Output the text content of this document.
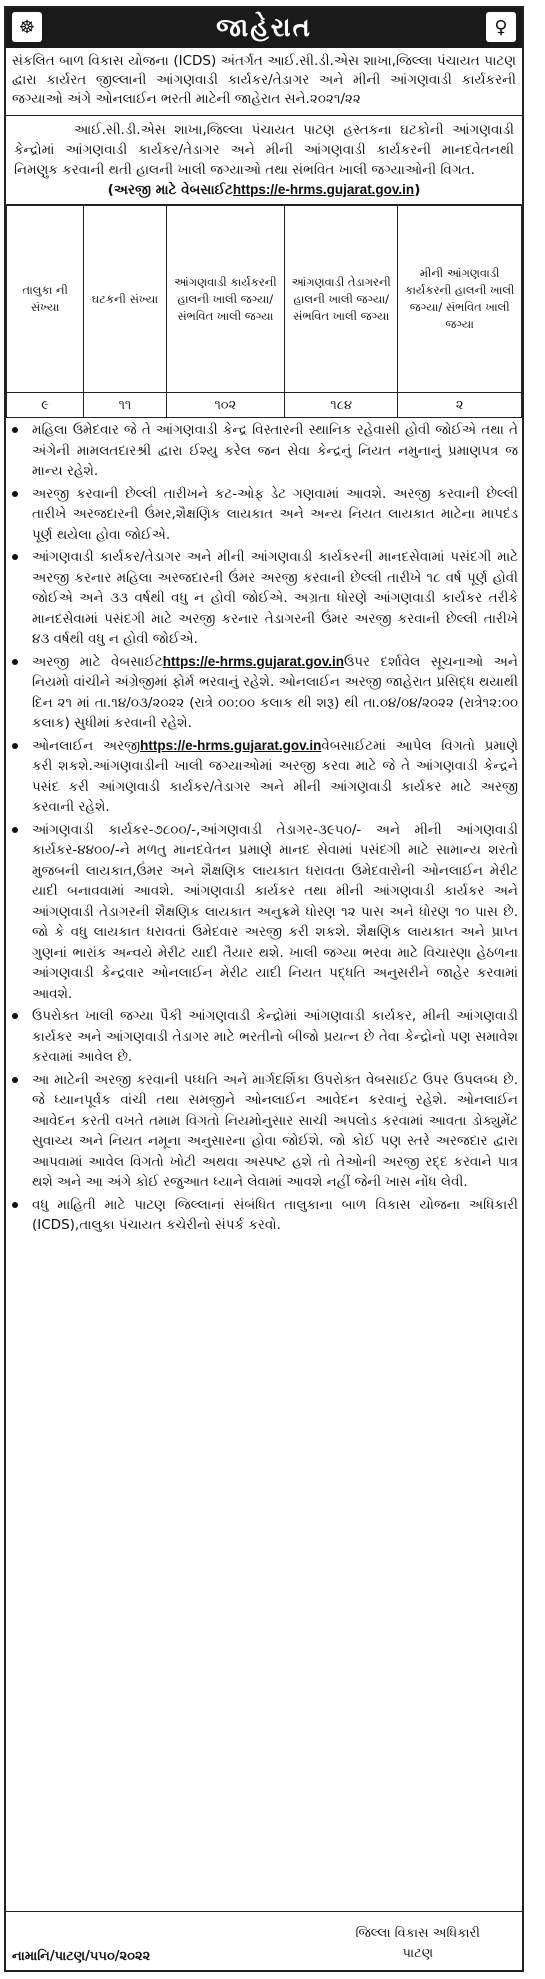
☸	જાહેરાત	♀
સંકલિત બાળ વિકાસ યોજના (ICDS) અંતર્ગત આઈ.સી.ડી.એસ શાખા,જિલ્લા પંચાયત પાટણ દ્વારા કાર્યરત જીલ્લાની આંગણવાડી કાર્યકર/તેડાગર અને મીની આંગણવાડી કાર્યકરની જગ્યાઓ અંગે ઓનલાઈન ભરતી માટેની જાહેરાત સને.૨૦૨૧/૨૨
આઈ.સી.ડી.એસ શાખા,જિલ્લા પંચાયત પાટણ હસ્તકના ઘટકોની આંગણવાડી કેન્દ્રોમાં આંગણવાડી કાર્યકર/તેડાગર અને મીની આંગણવાડી કાર્યકરની માનદવેતનથી નિમણુક કરવાની થતી હાલની ખાલી જગ્યાઓ તથા સંભવિત ખાલી જગ્યાઓની વિગત.
(અરજી માટે વેબસાઈટhttps://e-hrms.gujarat.gov.in)
તાલુકા ની સંખ્યા	ઘટકની સંખ્યા	આંગણવાડી કાર્યકરની હાલની ખાલી જગ્યા/ સંભવિત ખાલી જગ્યા	આંગણવાડી તેડાગરની હાલની ખાલી જગ્યા/ સંભવિત ખાલી જગ્યા	મીની આંગણવાડી કાર્યકરની હાલની ખાલી જગ્યા/ સંભવિત ખાલી જગ્યા
૯	૧૧	૧૦૨	૧૮૪	૨
મહિલા ઉમેદવાર જે તે આંગણવાડી કેન્દ્ર વિસ્તારની સ્થાનિક રહેવાસી હોવી જોઈએ તથા તે અંગેની મામલતદારશ્રી દ્વારા ઈશ્યુ કરેલ જન સેવા કેન્દ્રનું નિયત નમુનાનું પ્રમાણપત્ર જ માન્ય રહેશે.
અરજી કરવાની છેલ્લી તારીખને કટ-ઓફ ડેટ ગણવામાં આવશે. અરજી કરવાની છેલ્લી તારીખે અરજદારની ઉંમર,શૈક્ષણિક લાયકાત અને અન્ય નિયત લાયકાત માટેના માપદંડ પૂર્ણ થયેલા હોવા જોઈએ.
આંગણવાડી કાર્યકર/તેડાગર અને મીની આંગણવાડી કાર્યકરની માનદસેવામાં પસંદગી માટે અરજી કરનાર મહિલા અરજદારની ઉંમર અરજી કરવાની છેલ્લી તારીખે ૧૮ વર્ષ પૂર્ણ હોવી જોઈએ અને ૩૩ વર્ષથી વધુ ન હોવી જોઈએ. અગ્રતા ધોરણે આંગણવાડી કાર્યકર તરીકે માનદસેવામાં પસંદગી માટે અરજી કરનાર તેડાગરની ઉંમર અરજી કરવાની છેલ્લી તારીખે ૪૩ વર્ષથી વધુ ન હોવી જોઈએ.
અરજી માટે વેબસાઈટhttps://e-hrms.gujarat.gov.inઉપર દર્શાવેલ સૂચનાઓ અને નિયમો વાંચીને અંગ્રેજીમાં ફોર્મ ભરવાનું રહેશે. ઓનલાઈન અરજી જાહેરાત પ્રસિદ્ધ થયાથી દિન ૨૧ માં તા.૧૪/૦૩/૨૦૨૨ (રાત્રે ૦૦:૦૦ કલાક થી શરૂ) થી તા.૦૪/૦૪/૨૦૨૨ (રાત્રે૧૨:૦૦ કલાક) સુધીમાં કરવાની રહેશે.
ઓનલાઈન અરજીhttps://e-hrms.gujarat.gov.inવેબસાઈટમાં આપેલ વિગતો પ્રમાણે કરી શકશે.આંગણવાડીની ખાલી જગ્યાઓમાં અરજી કરવા માટે જે તે આંગણવાડી કેન્દ્રને પસંદ કરી આંગણવાડી કાર્યકર/તેડાગર અને મીની આંગણવાડી કાર્યકર માટે અરજી કરવાની રહેશે.
આંગણવાડી કાર્યકર-૭૮૦૦/-,આંગણવાડી તેડાગર-૩૯૫૦/- અને મીની આંગણવાડી કાર્યકર-૪૪૦૦/-ને મળતુ માનદવેતન પ્રમાણે માનદ સેવામાં પસંદગી માટે સામાન્ય શરતો મુજબની લાયકાત,ઉંમર અને શૈક્ષણિક લાયકાત ધરાવતા ઉમેદવારોની ઓનલાઈન મેરીટ યાદી બનાવવામાં આવશે. આંગણવાડી કાર્યકર તથા મીની આંગણવાડી કાર્યકર અને આંગણવાડી તેડાગરની શૈક્ષણિક લાયકાત અનુક્રમે ધોરણ ૧૨ પાસ અને ધોરણ ૧૦ પાસ છે. જો કે વધુ લાયકાત ધરાવતાં ઉમેદવાર અરજી કરી શકશે. શૈક્ષણિક લાયકાત અને પ્રાપ્ત ગુણનાં ભારાંક અન્વયે મેરીટ યાદી તૈયાર થશે. ખાલી જગ્યા ભરવા માટે વિચારણા હેઠળના આંગણવાડી કેન્દ્રવાર ઓનલાઈન મેરીટ યાદી નિયત પદ્ધતિ અનુસરીને જાહેર કરવામાં આવશે.
ઉપરોક્ત ખાલી જગ્યા પૈકી આંગણવાડી કેન્દ્રોમાં આંગણવાડી કાર્યકર, મીની આંગણવાડી કાર્યકર અને આંગણવાડી તેડાગર માટે ભરતીનો બીજો પ્રયત્ન છે તેવા કેન્દ્રોનો પણ સમાવેશ કરવામાં આવેલ છે.
આ માટેની અરજી કરવાની પધ્ધતિ અને માર્ગદર્શિકા ઉપરોક્ત વેબસાઈટ ઉપર ઉપલબ્ધ છે. જે ધ્યાનપૂર્વક વાંચી તથા સમજીને ઓનલાઈન આવેદન કરવાનું રહેશે. ઓનલાઈન આવેદન કરતી વખતે તમામ વિગતો નિયમોનુસાર સાચી અપલોડ કરવામાં આવતા ડોક્યુમેંટ સુવાચ્ય અને નિયત નમૂના અનુસારના હોવા જોઈશે. જો કોઈ પણ સ્તરે અરજદાર દ્વારા આપવામાં આવેલ વિગતો ખોટી અથવા અસ્પષ્ટ હશે તો તેઓની અરજી રદ્દ કરવાને પાત્ર થશે અને આ અંગે કોઈ રજુઆત ધ્યાને લેવામાં આવશે નહીં જેની ખાસ નોંધ લેવી.
વધુ માહિતી માટે પાટણ જિલ્લાનાં સંબંધિત તાલુકાના બાળ વિકાસ યોજના અધિકારી (ICDS),તાલુકા પંચાયત કચેરીનો સંપર્ક કરવો.
નામાનિ/પાટણ/૫૫૦/૨૦૨૨
જિલ્લા વિકાસ અધિકારી
પાટણ
